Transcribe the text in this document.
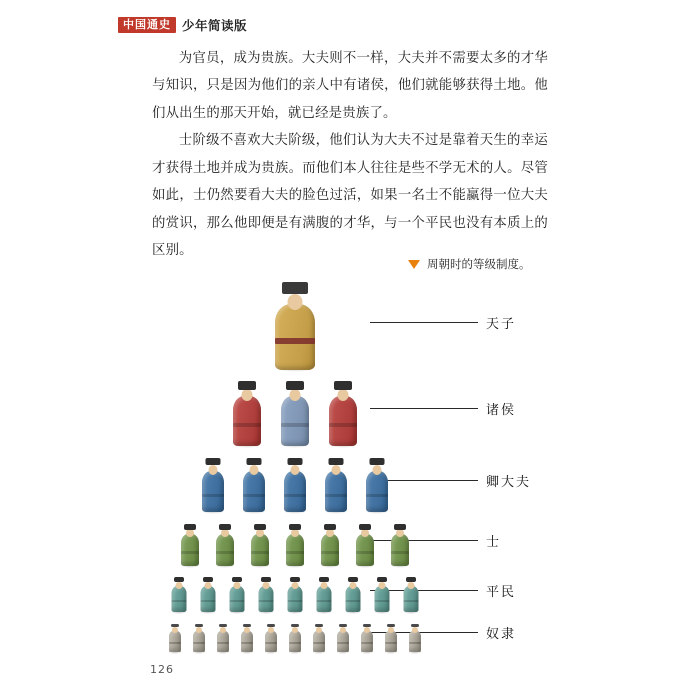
中国通史 少年简读版

为官员，成为贵族。大夫则不一样，大夫并不需要太多的才华与知识，只是因为他们的亲人中有诸侯，他们就能够获得土地。他们从出生的那天开始，就已经是贵族了。

士阶级不喜欢大夫阶级，他们认为大夫不过是靠着天生的幸运才获得土地并成为贵族。而他们本人往往是些不学无术的人。尽管如此，士仍然要看大夫的脸色过活，如果一名士不能赢得一位大夫的赏识，那么他即便是有满腹的才华，与一个平民也没有本质上的区别。

周朝时的等级制度。
天子
诸侯
卿大夫
士
平民
奴隶
126
